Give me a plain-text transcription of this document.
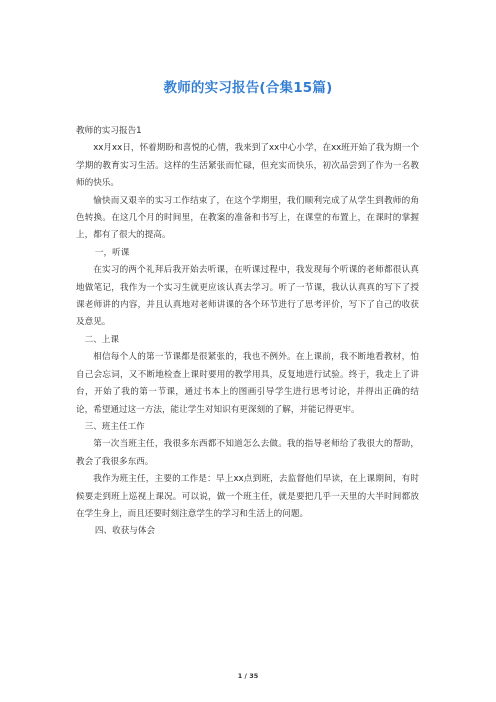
教师的实习报告(合集15篇)

教师的实习报告1

xx月xx日，怀着期盼和喜悦的心情，我来到了xx中心小学，在xx班开始了我为期一个学期的教育实习生活。这样的生活紧张而忙碌，但充实而快乐，初次品尝到了作为一名教师的快乐。

愉快而又艰辛的实习工作结束了，在这个学期里，我们顺利完成了从学生到教师的角色转换。在这几个月的时间里，在教案的准备和书写上，在课堂的布置上，在课时的掌握上，都有了很大的提高。

一，听课

在实习的两个礼拜后我开始去听课，在听课过程中，我发现每个听课的老师都很认真地做笔记，我作为一个实习生就更应该认真去学习。听了一节课，我认认真真的写下了授课老师讲的内容，并且认真地对老师讲课的各个环节进行了思考评价，写下了自己的收获及意见。

二、上课

相信每个人的第一节课都是很紧张的，我也不例外。在上课前，我不断地看教材，怕自己会忘词，又不断地检查上课时要用的教学用具，反复地进行试验。终于，我走上了讲台，开始了我的第一节课，通过书本上的图画引导学生进行思考讨论，并得出正确的结论，希望通过这一方法，能让学生对知识有更深刻的了解，并能记得更牢。

三、班主任工作

第一次当班主任，我很多东西都不知道怎么去做。我的指导老师给了我很大的帮助，教会了我很多东西。

我作为班主任，主要的工作是：早上xx点到班，去监督他们早读，在上课期间，有时候要走到班上巡视上课况。可以说，做一个班主任，就是要把几乎一天里的大半时间都放在学生身上，而且还要时刻注意学生的学习和生活上的问题。

四、收获与体会

1 / 35
